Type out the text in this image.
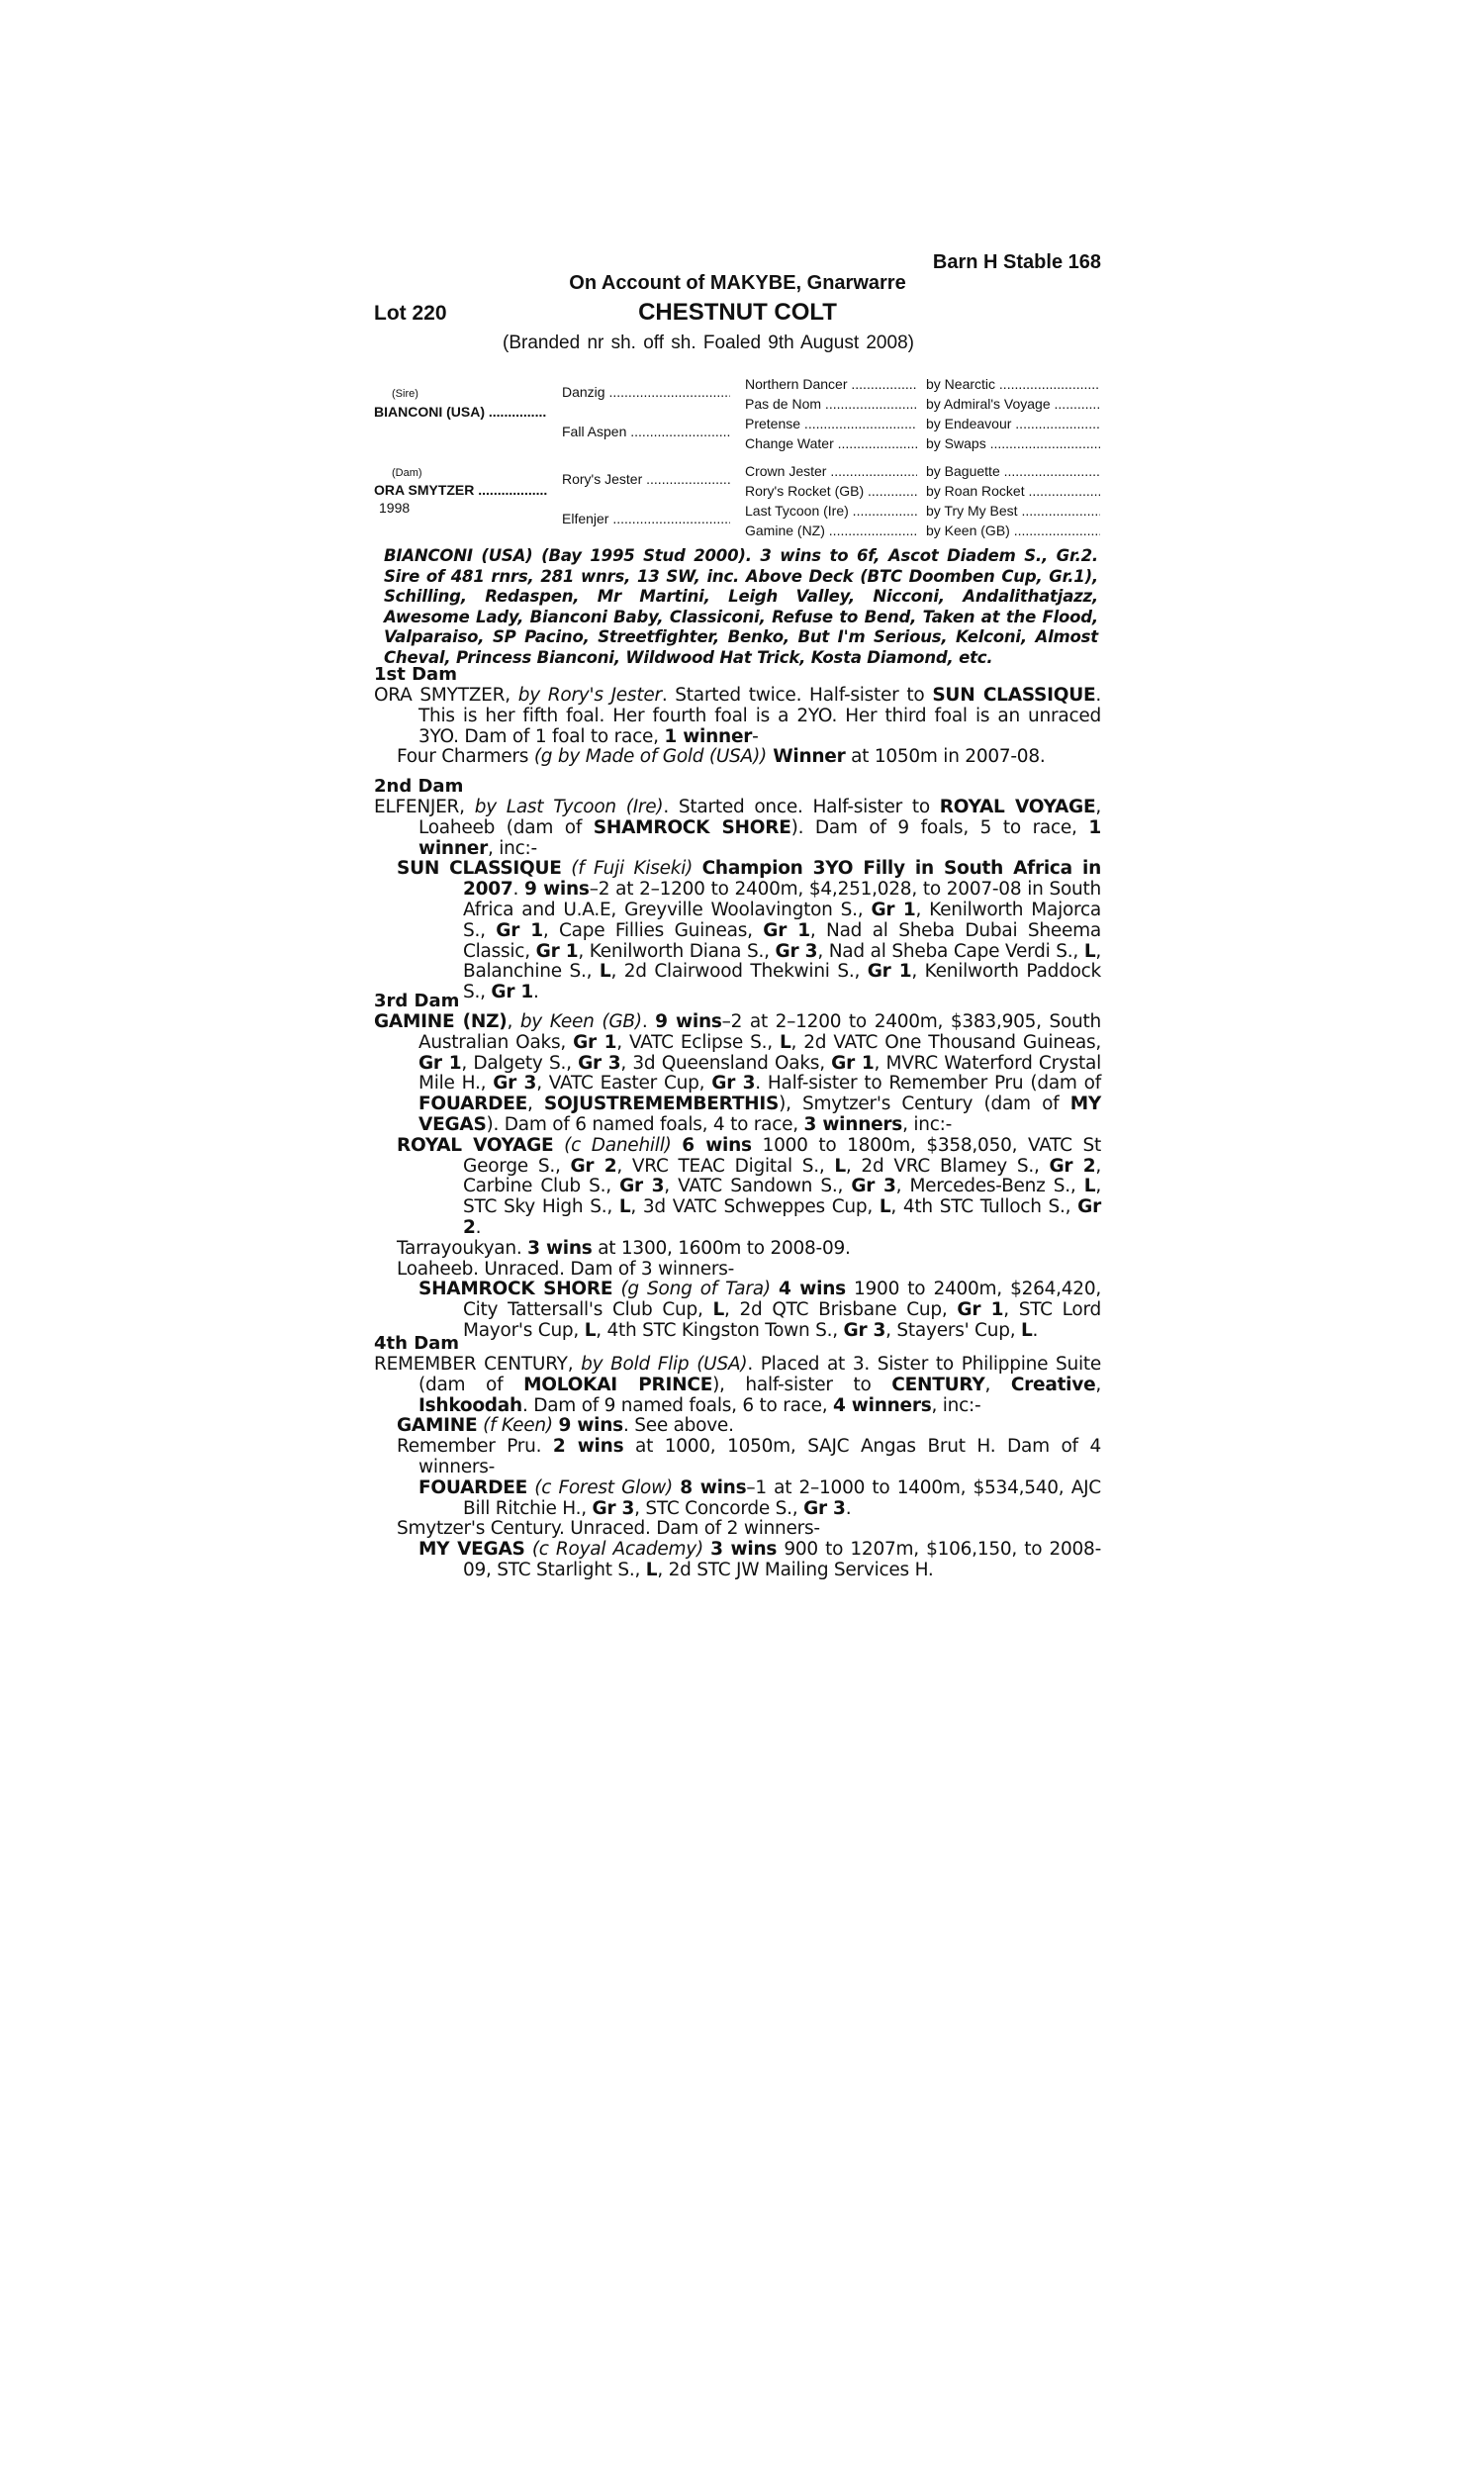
Barn H Stable 168
On Account of MAKYBE, Gnarwarre
Lot 220	CHESTNUT COLT
(Branded nr sh. off sh. Foaled 9th August 2008)
(Sire)
BIANCONI (USA) .....
(Dam)
ORA SMYTZER .....
1998
Danzig .....
Fall Aspen .....
Rory's Jester .....
Elfenjer .....
Northern Dancer .....
Pas de Nom .....
Pretense .....
Change Water .....
Crown Jester .....
Rory's Rocket (GB) .....
Last Tycoon (Ire) .....
Gamine (NZ) .....
by Nearctic .....
by Admiral's Voyage .....
by Endeavour .....
by Swaps .....
by Baguette .....
by Roan Rocket .....
by Try My Best .....
by Keen (GB) .....
BIANCONI (USA) (Bay 1995 Stud 2000). 3 wins to 6f, Ascot Diadem S., Gr.2. Sire of 481 rnrs, 281 wnrs, 13 SW, inc. Above Deck (BTC Doomben Cup, Gr.1), Schilling, Redaspen, Mr Martini, Leigh Valley, Nicconi, Andalithatjazz, Awesome Lady, Bianconi Baby, Classiconi, Refuse to Bend, Taken at the Flood, Valparaiso, SP Pacino, Streetfighter, Benko, But I'm Serious, Kelconi, Almost Cheval, Princess Bianconi, Wildwood Hat Trick, Kosta Diamond, etc.
1st Dam

ORA SMYTZER, by Rory's Jester. Started twice. Half-sister to SUN CLASSIQUE. This is her fifth foal. Her fourth foal is a 2YO. Her third foal is an unraced 3YO. Dam of 1 foal to race, 1 winner-

Four Charmers (g by Made of Gold (USA)) Winner at 1050m in 2007-08.

2nd Dam

ELFENJER, by Last Tycoon (Ire). Started once. Half-sister to ROYAL VOYAGE, Loaheeb (dam of SHAMROCK SHORE). Dam of 9 foals, 5 to race, 1 winner, inc:-

SUN CLASSIQUE (f Fuji Kiseki) Champion 3YO Filly in South Africa in 2007. 9 wins–2 at 2–1200 to 2400m, $4,251,028, to 2007-08 in South Africa and U.A.E, Greyville Woolavington S., Gr 1, Kenilworth Majorca S., Gr 1, Cape Fillies Guineas, Gr 1, Nad al Sheba Dubai Sheema Classic, Gr 1, Kenilworth Diana S., Gr 3, Nad al Sheba Cape Verdi S., L, Balanchine S., L, 2d Clairwood Thekwini S., Gr 1, Kenilworth Paddock S., Gr 1.

3rd Dam

GAMINE (NZ), by Keen (GB). 9 wins–2 at 2–1200 to 2400m, $383,905, South Australian Oaks, Gr 1, VATC Eclipse S., L, 2d VATC One Thousand Guineas, Gr 1, Dalgety S., Gr 3, 3d Queensland Oaks, Gr 1, MVRC Waterford Crystal Mile H., Gr 3, VATC Easter Cup, Gr 3. Half-sister to Remember Pru (dam of FOUARDEE, SOJUSTREMEMBERTHIS), Smytzer's Century (dam of MY VEGAS). Dam of 6 named foals, 4 to race, 3 winners, inc:-

ROYAL VOYAGE (c Danehill) 6 wins 1000 to 1800m, $358,050, VATC St George S., Gr 2, VRC TEAC Digital S., L, 2d VRC Blamey S., Gr 2, Carbine Club S., Gr 3, VATC Sandown S., Gr 3, Mercedes-Benz S., L, STC Sky High S., L, 3d VATC Schweppes Cup, L, 4th STC Tulloch S., Gr 2.

Tarrayoukyan. 3 wins at 1300, 1600m to 2008-09.

Loaheeb. Unraced. Dam of 3 winners-

SHAMROCK SHORE (g Song of Tara) 4 wins 1900 to 2400m, $264,420, City Tattersall's Club Cup, L, 2d QTC Brisbane Cup, Gr 1, STC Lord Mayor's Cup, L, 4th STC Kingston Town S., Gr 3, Stayers' Cup, L.

4th Dam

REMEMBER CENTURY, by Bold Flip (USA). Placed at 3. Sister to Philippine Suite (dam of MOLOKAI PRINCE), half-sister to CENTURY, Creative, Ishkoodah. Dam of 9 named foals, 6 to race, 4 winners, inc:-

GAMINE (f Keen) 9 wins. See above.

Remember Pru. 2 wins at 1000, 1050m, SAJC Angas Brut H. Dam of 4 winners-

FOUARDEE (c Forest Glow) 8 wins–1 at 2–1000 to 1400m, $534,540, AJC Bill Ritchie H., Gr 3, STC Concorde S., Gr 3.

Smytzer's Century. Unraced. Dam of 2 winners-

MY VEGAS (c Royal Academy) 3 wins 900 to 1207m, $106,150, to 2008-09, STC Starlight S., L, 2d STC JW Mailing Services H.
